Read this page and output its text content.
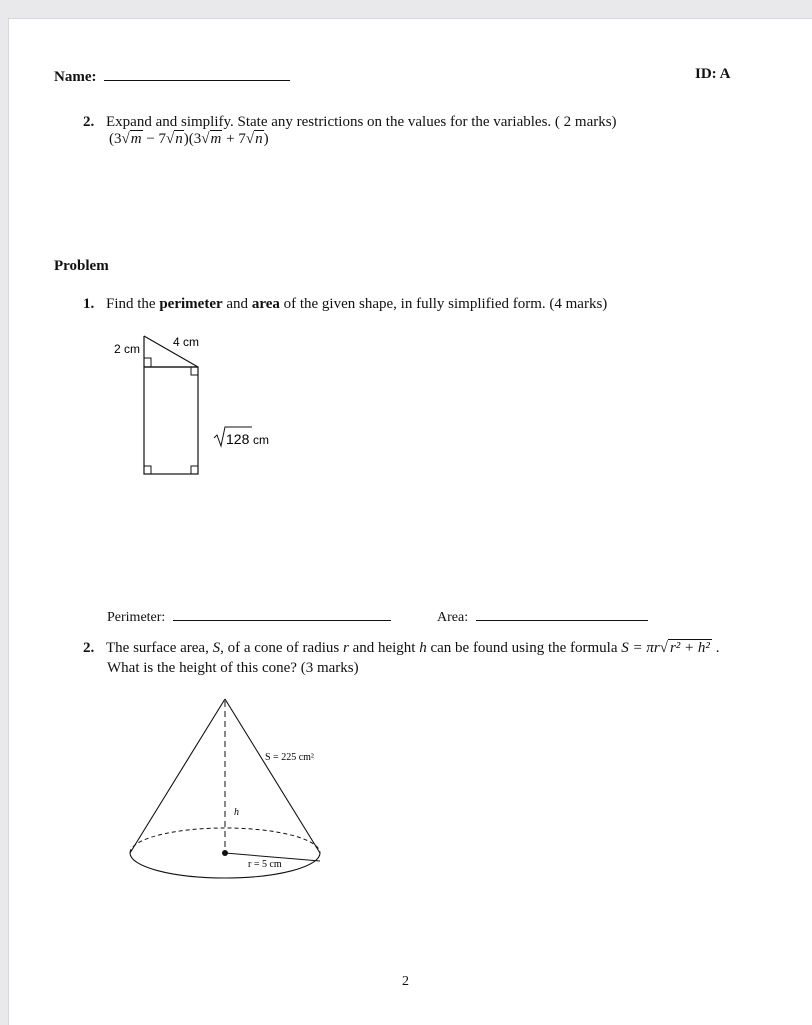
Name:	ID: A
2. Expand and simplify. State any restrictions on the values for the variables. ( 2 marks)
(3√m − 7√n)(3√m + 7√n)
Problem
1. Find the perimeter and area of the given shape, in fully simplified form. (4 marks)
2 cm	4 cm
128 cm
Perimeter:	Area:
2. The surface area, S, of a cone of radius r and height h can be found using the formula S = πr√ r² + h² .
What is the height of this cone? (3 marks)
S = 225 cm²
h
r = 5 cm
2
